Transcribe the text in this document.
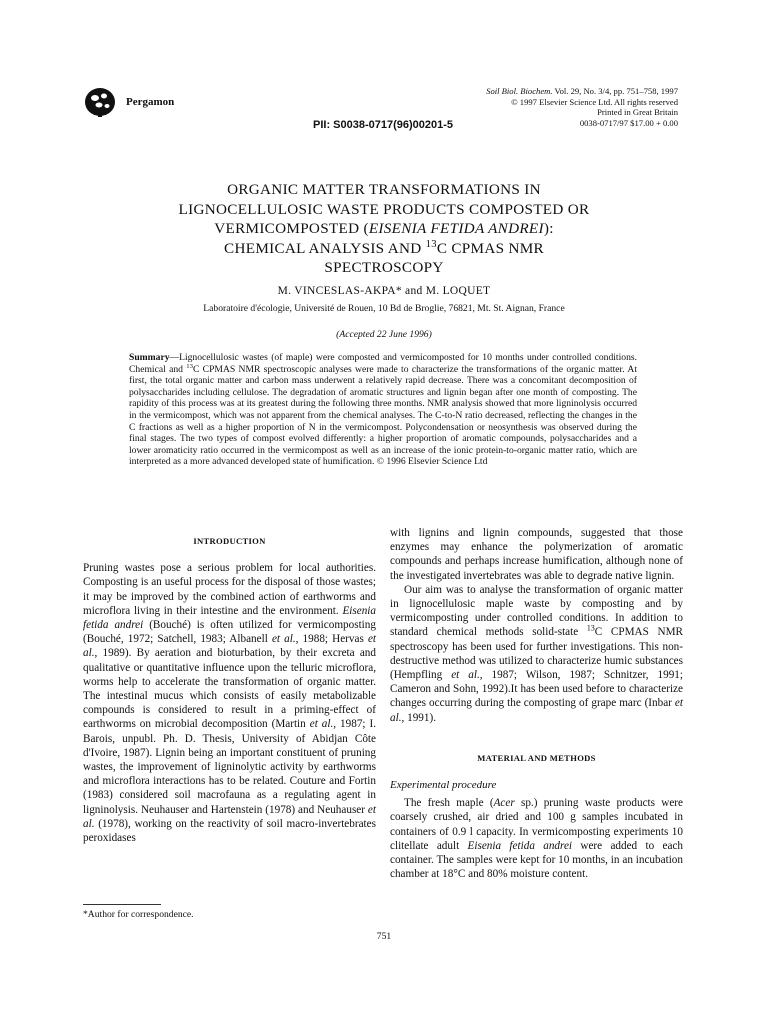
Pergamon
PII: S0038-0717(96)00201-5
Soil Biol. Biochem. Vol. 29, No. 3/4, pp. 751–758, 1997
© 1997 Elsevier Science Ltd. All rights reserved
Printed in Great Britain
0038-0717/97 $17.00 + 0.00
ORGANIC MATTER TRANSFORMATIONS IN
LIGNOCELLULOSIC WASTE PRODUCTS COMPOSTED OR
VERMICOMPOSTED (EISENIA FETIDA ANDREI):
CHEMICAL ANALYSIS AND $^{13}$C CPMAS NMR
SPECTROSCOPY
M. VINCESLAS-AKPA* and M. LOQUET
Laboratoire d'écologie, Université de Rouen, 10 Bd de Broglie, 76821, Mt. St. Aignan, France
(Accepted 22 June 1996)
Summary—Lignocellulosic wastes (of maple) were composted and vermicomposted for 10 months under controlled conditions. Chemical and $^{13}$C CPMAS NMR spectroscopic analyses were made to characterize the transformations of the organic matter. At first, the total organic matter and carbon mass underwent a relatively rapid decrease. There was a concomitant decomposition of polysaccharides including cellulose. The degradation of aromatic structures and lignin began after one month of composting. The rapidity of this process was at its greatest during the following three months. NMR analysis showed that more ligninolysis occurred in the vermicompost, which was not apparent from the chemical analyses. The C-to-N ratio decreased, reflecting the changes in the C fractions as well as a higher proportion of N in the vermicompost. Polycondensation or neosynthesis was observed during the final stages. The two types of compost evolved differently: a higher proportion of aromatic compounds, polysaccharides and a lower aromaticity ratio occurred in the vermicompost as well as an increase of the ionic protein-to-organic matter ratio, which are interpreted as a more advanced developed state of humification. © 1996 Elsevier Science Ltd
INTRODUCTION

Pruning wastes pose a serious problem for local authorities. Composting is an useful process for the disposal of those wastes; it may be improved by the combined action of earthworms and microflora living in their intestine and the environment. Eisenia fetida andrei (Bouché) is often utilized for vermicomposting (Bouché, 1972; Satchell, 1983; Albanell et al., 1988; Hervas et al., 1989). By aeration and bioturbation, by their excreta and qualitative or quantitative influence upon the telluric microflora, worms help to accelerate the transformation of organic matter. The intestinal mucus which consists of easily metabolizable compounds is considered to result in a priming-effect of earthworms on microbial decomposition (Martin et al., 1987; I. Barois, unpubl. Ph. D. Thesis, University of Abidjan Côte d'Ivoire, 1987). Lignin being an important constituent of pruning wastes, the improvement of ligninolytic activity by earthworms and microflora interactions has to be related. Couture and Fortin (1983) considered soil macrofauna as a regulating agent in ligninolysis. Neuhauser and Hartenstein (1978) and Neuhauser et al. (1978), working on the reactivity of soil macro-invertebrates peroxidases

with lignins and lignin compounds, suggested that those enzymes may enhance the polymerization of aromatic compounds and perhaps increase humification, although none of the investigated invertebrates was able to degrade native lignin.

Our aim was to analyse the transformation of organic matter in lignocellulosic maple waste by composting and by vermicomposting under controlled conditions. In addition to standard chemical methods solid-state $^{13}$C CPMAS NMR spectroscopy has been used for further investigations. This non-destructive method was utilized to characterize humic substances (Hempfling et al., 1987; Wilson, 1987; Schnitzer, 1991; Cameron and Sohn, 1992).It has been used before to characterize changes occurring during the composting of grape marc (Inbar et al., 1991).

MATERIAL AND METHODS
Experimental procedure

The fresh maple (Acer sp.) pruning waste products were coarsely crushed, air dried and 100 g samples incubated in containers of 0.9 l capacity. In vermicomposting experiments 10 clitellate adult Eisenia fetida andrei were added to each container. The samples were kept for 10 months, in an incubation chamber at 18°C and 80% moisture content.

*Author for correspondence.
751
